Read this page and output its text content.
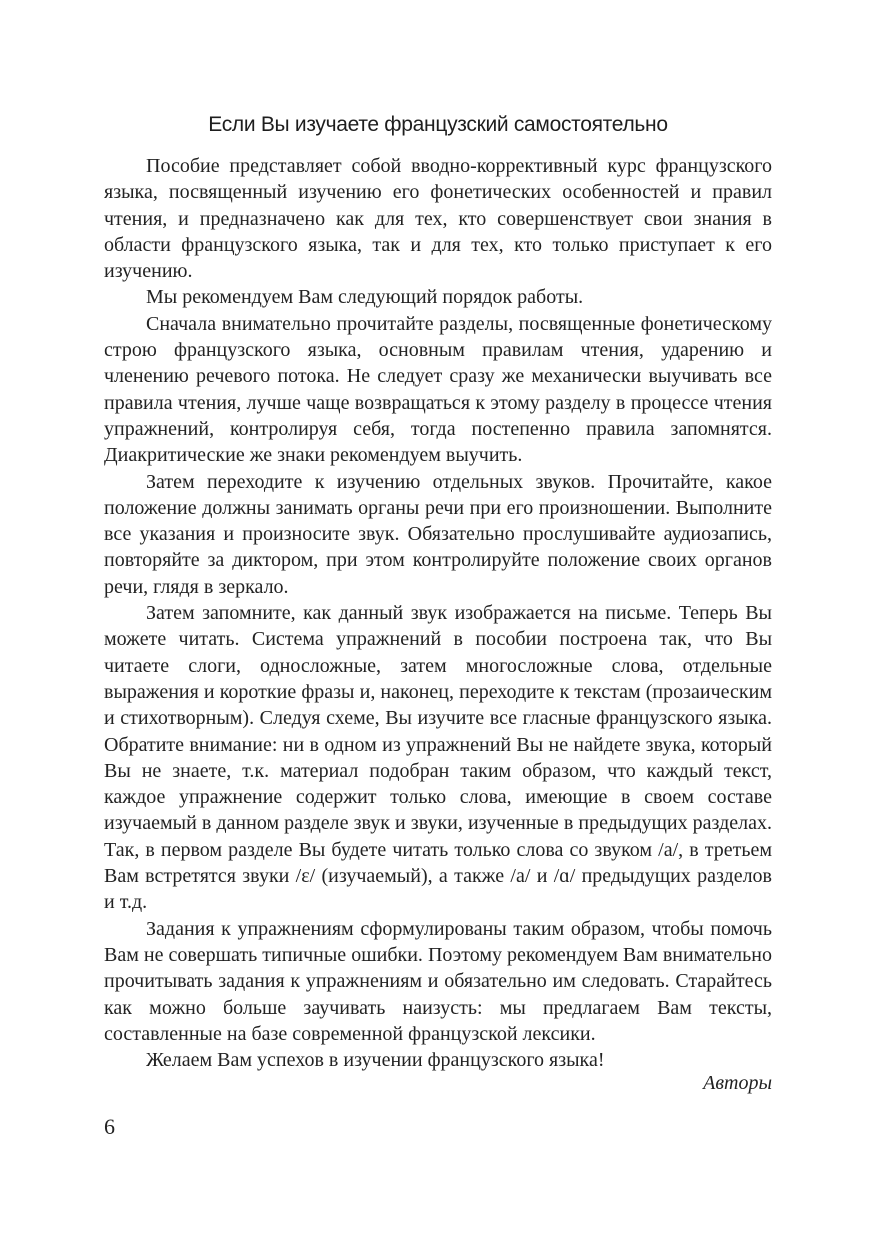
Если Вы изучаете французский самостоятельно

Пособие представляет собой вводно-коррективный курс французского языка, посвященный изучению его фонетических особенностей и правил чтения, и предназначено как для тех, кто совершенствует свои знания в области французского языка, так и для тех, кто только приступает к его изучению.

Мы рекомендуем Вам следующий порядок работы.

Сначала внимательно прочитайте разделы, посвященные фонетическому строю французского языка, основным правилам чтения, ударению и членению речевого потока. Не следует сразу же механически выучивать все правила чтения, лучше чаще возвращаться к этому разделу в процессе чтения упражнений, контролируя себя, тогда постепенно правила запомнятся. Диакритические же знаки рекомендуем выучить.

Затем переходите к изучению отдельных звуков. Прочитайте, какое положение должны занимать органы речи при его произношении. Выполните все указания и произносите звук. Обязательно прослушивайте аудиозапись, повторяйте за диктором, при этом контролируйте положение своих органов речи, глядя в зеркало.

Затем запомните, как данный звук изображается на письме. Теперь Вы можете читать. Система упражнений в пособии построена так, что Вы читаете слоги, односложные, затем многосложные слова, отдельные выражения и короткие фразы и, наконец, переходите к текстам (прозаическим и стихотворным). Следуя схеме, Вы изучите все гласные французского языка. Обратите внимание: ни в одном из упражнений Вы не найдете звука, который Вы не знаете, т.к. материал подобран таким образом, что каждый текст, каждое упражнение содержит только слова, имеющие в своем составе изучаемый в данном разделе звук и звуки, изученные в предыдущих разделах. Так, в первом разделе Вы будете читать только слова со звуком /a/, в третьем Вам встретятся звуки /ɛ/ (изучаемый), а также /a/ и /ɑ/ предыдущих разделов и т.д.

Задания к упражнениям сформулированы таким образом, чтобы помочь Вам не совершать типичные ошибки. Поэтому рекомендуем Вам внимательно прочитывать задания к упражнениям и обязательно им следовать. Старайтесь как можно больше заучивать наизусть: мы предлагаем Вам тексты, составленные на базе современной французской лексики.

Желаем Вам успехов в изучении французского языка!

Авторы
6
